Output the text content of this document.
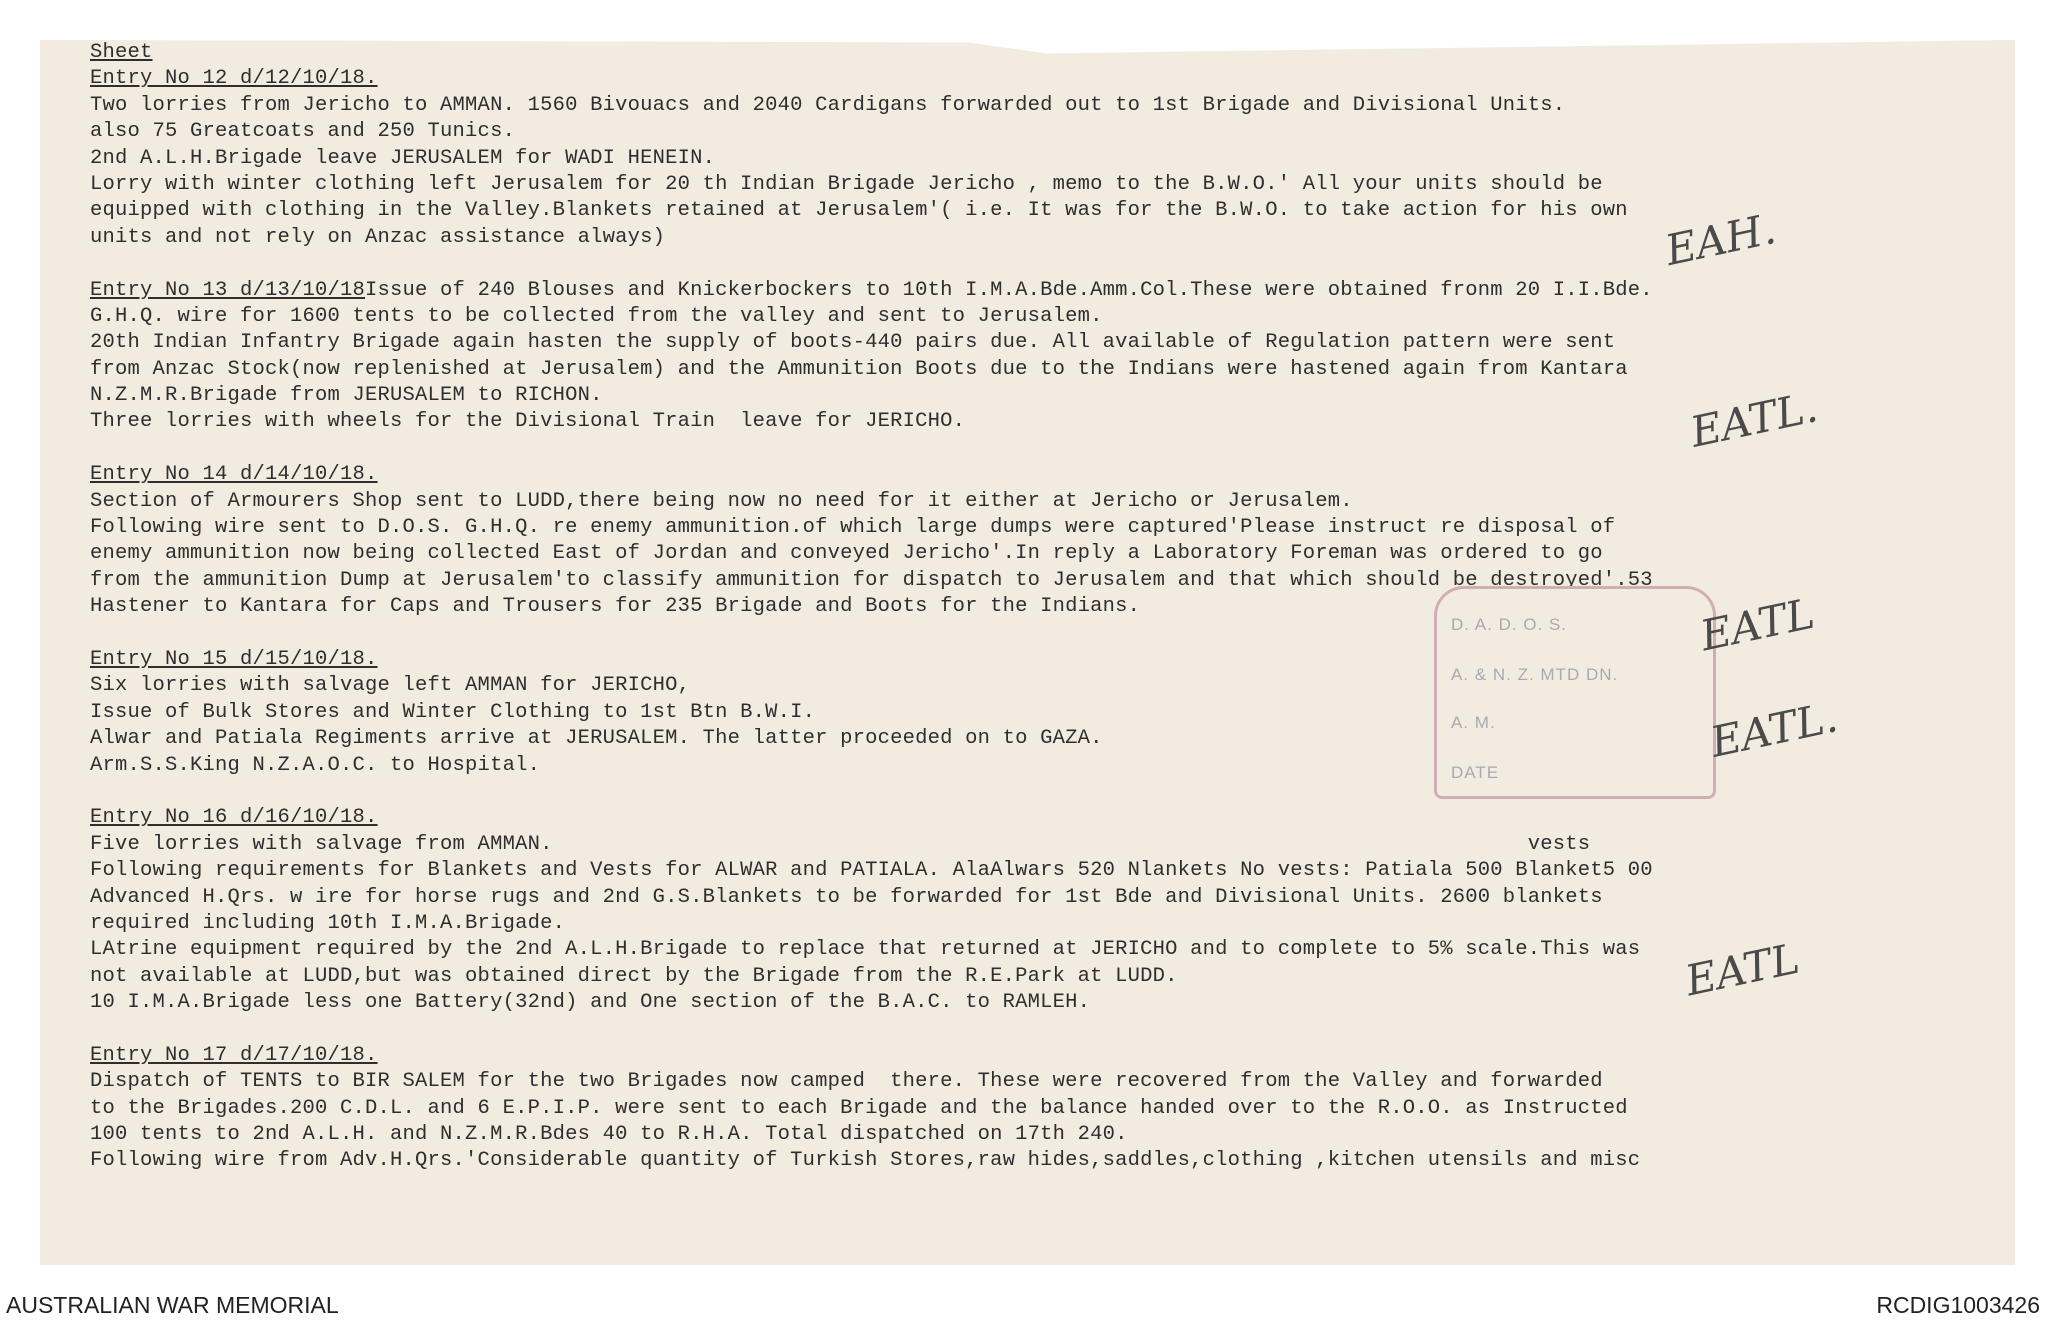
Sheet
Entry No 12 d/12/10/18.
Two lorries from Jericho to AMMAN. 1560 Bivouacs and 2040 Cardigans forwarded out to 1st Brigade and Divisional Units.
also 75 Greatcoats and 250 Tunics.
2nd A.L.H.Brigade leave JERUSALEM for WADI HENEIN.
Lorry with winter clothing left Jerusalem for 20 th Indian Brigade Jericho , memo to the B.W.O.' All your units should be
equipped with clothing in the Valley.Blankets retained at Jerusalem'( i.e. It was for the B.W.O. to take action for his own
units and not rely on Anzac assistance always)
Entry No 13 d/13/10/18Issue of 240 Blouses and Knickerbockers to 10th I.M.A.Bde.Amm.Col.These were obtained fronm 20 I.I.Bde.
G.H.Q. wire for 1600 tents to be collected from the valley and sent to Jerusalem.
20th Indian Infantry Brigade again hasten the supply of boots-440 pairs due. All available of Regulation pattern were sent
from Anzac Stock(now replenished at Jerusalem) and the Ammunition Boots due to the Indians were hastened again from Kantara
N.Z.M.R.Brigade from JERUSALEM to RICHON.
Three lorries with wheels for the Divisional Train  leave for JERICHO.
Entry No 14 d/14/10/18.
Section of Armourers Shop sent to LUDD,there being now no need for it either at Jericho or Jerusalem.
Following wire sent to D.O.S. G.H.Q. re enemy ammunition.of which large dumps were captured'Please instruct re disposal of
enemy ammunition now being collected East of Jordan and conveyed Jericho'.In reply a Laboratory Foreman was ordered to go
from the ammunition Dump at Jerusalem'to classify ammunition for dispatch to Jerusalem and that which should be destroyed'.53
Hastener to Kantara for Caps and Trousers for 235 Brigade and Boots for the Indians.
Entry No 15 d/15/10/18.
Six lorries with salvage left AMMAN for JERICHO,
Issue of Bulk Stores and Winter Clothing to 1st Btn B.W.I.
Alwar and Patiala Regiments arrive at JERUSALEM. The latter proceeded on to GAZA.
Arm.S.S.King N.Z.A.O.C. to Hospital.
Entry No 16 d/16/10/18.
Five lorries with salvage from AMMAN.                                                                              vests
Following requirements for Blankets and Vests for ALWAR and PATIALA. AlaAlwars 520 Nlankets No vests: Patiala 500 Blanket5 00
Advanced H.Qrs. w ire for horse rugs and 2nd G.S.Blankets to be forwarded for 1st Bde and Divisional Units. 2600 blankets
required including 10th I.M.A.Brigade.
LAtrine equipment required by the 2nd A.L.H.Brigade to replace that returned at JERICHO and to complete to 5% scale.This was
not available at LUDD,but was obtained direct by the Brigade from the R.E.Park at LUDD.
10 I.M.A.Brigade less one Battery(32nd) and One section of the B.A.C. to RAMLEH.
Entry No 17 d/17/10/18.
Dispatch of TENTS to BIR SALEM for the two Brigades now camped  there. These were recovered from the Valley and forwarded
to the Brigades.200 C.D.L. and 6 E.P.I.P. were sent to each Brigade and the balance handed over to the R.O.O. as Instructed
100 tents to 2nd A.L.H. and N.Z.M.R.Bdes 40 to R.H.A. Total dispatched on 17th 240.
Following wire from Adv.H.Qrs.'Considerable quantity of Turkish Stores,raw hides,saddles,clothing ,kitchen utensils and misc
D. A. D. O. S.
A. & N. Z. MTD DN.
A. M.
DATE
EAH.
EATL.
EATL
EATL.
EATL
AUSTRALIAN WAR MEMORIAL	RCDIG1003426
